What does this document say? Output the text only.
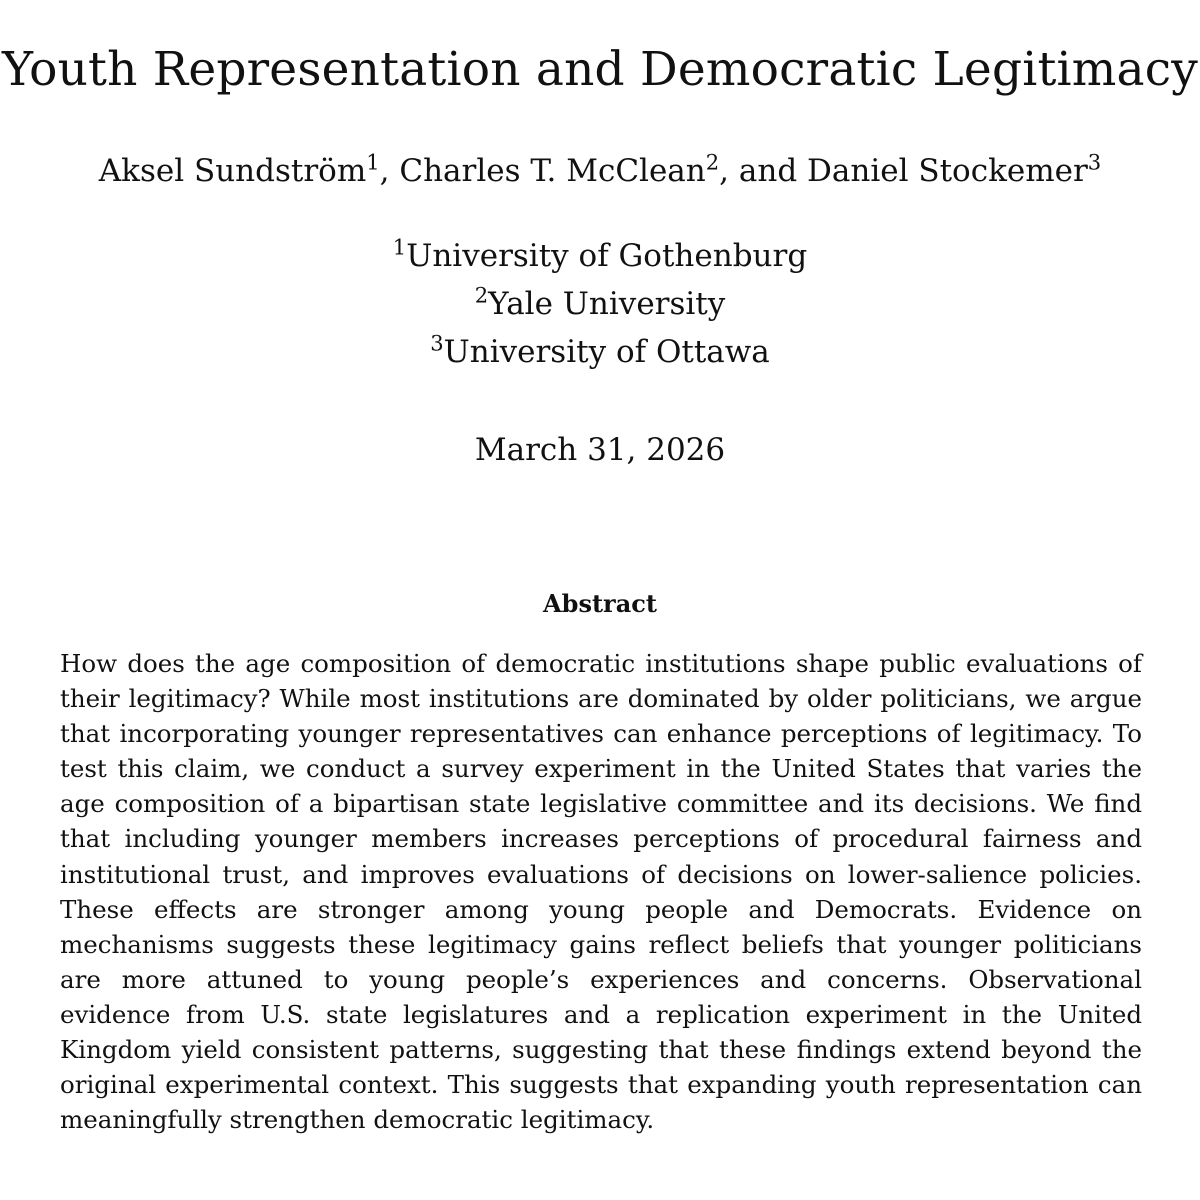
Youth Representation and Democratic Legitimacy
Aksel Sundström$^1$, Charles T. McClean$^2$, and Daniel Stockemer$^3$
$^1$University of Gothenburg
$^2$Yale University
$^3$University of Ottawa
March 31, 2026
Abstract

How does the age composition of democratic institutions shape public evaluations of their legitimacy? While most institutions are dominated by older politicians, we argue that incorporating younger representatives can enhance perceptions of legitimacy. To test this claim, we conduct a survey experiment in the United States that varies the age composition of a bipartisan state legislative committee and its decisions. We find that including younger members increases perceptions of procedural fairness and institutional trust, and improves evaluations of decisions on lower-salience policies. These effects are stronger among young people and Democrats. Evidence on mechanisms suggests these legitimacy gains reflect beliefs that younger politicians are more attuned to young people’s experiences and concerns. Observational evidence from U.S. state legislatures and a replication experiment in the United Kingdom yield consistent patterns, suggesting that these findings extend beyond the original experimental context. This suggests that expanding youth representation can meaningfully strengthen democratic legitimacy.
